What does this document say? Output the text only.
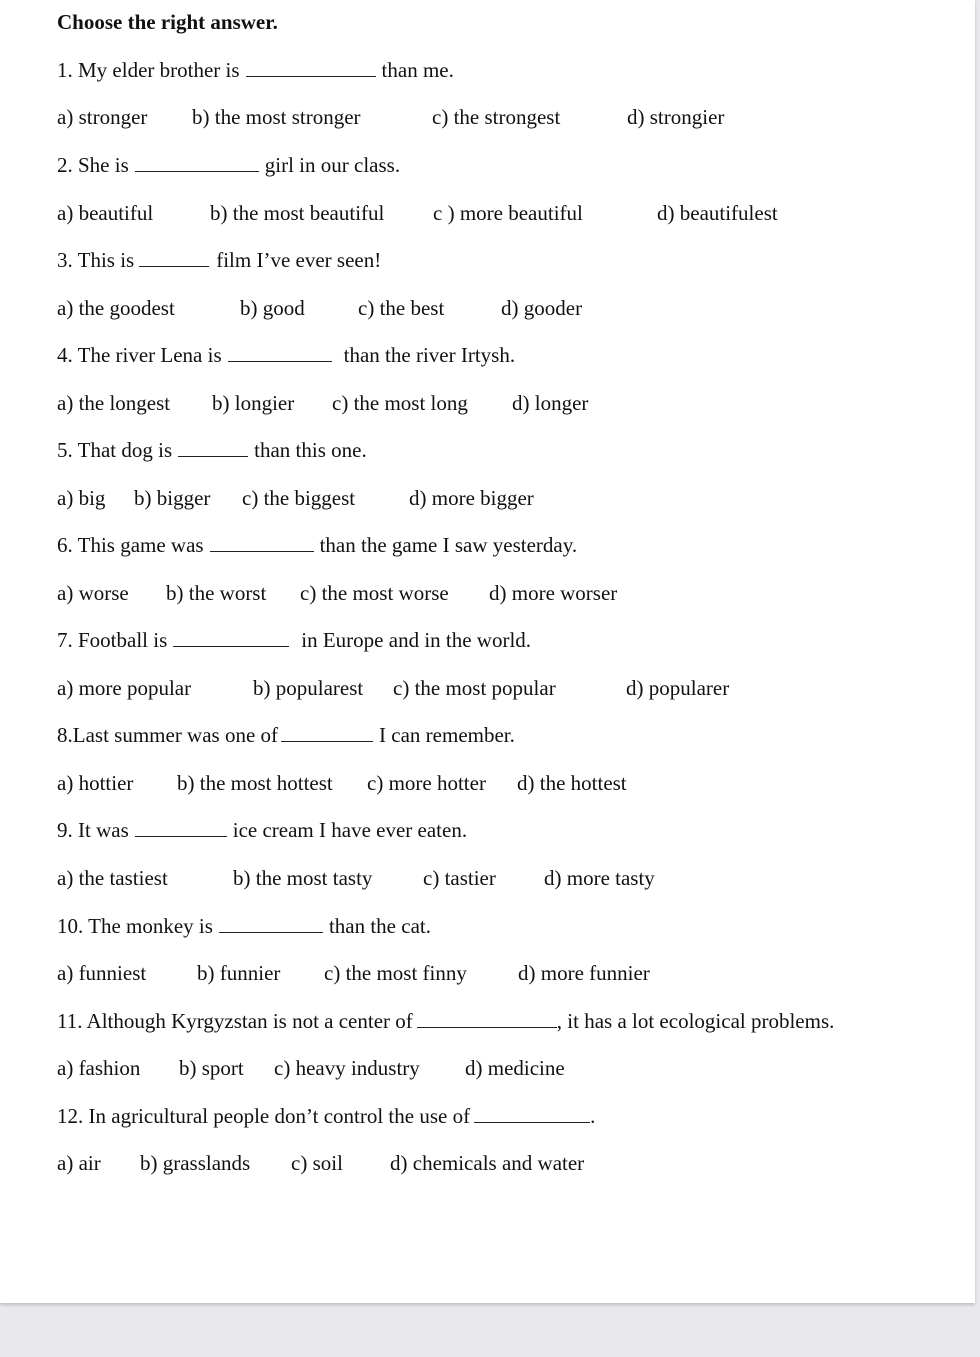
Choose the right answer.
1. My elder brother is	than me.
a) stronger b) the most stronger	c) the strongest	d) strongier
2. She is	girl in our class.
a) beautiful	b) the most beautiful c ) more beautiful	d) beautifulest
3. This is	film I’ve ever seen!
a) the goodest	b) good	c) the best	d) gooder
4. The river Lena is	than the river Irtysh.
a) the longest b) longier c) the most long d) longer
5. That dog is	than this one.
a) big b) bigger c) the biggest	d) more bigger
6. This game was	than the game I saw yesterday.
a) worse b) the worst c) the most worse d) more worser
7. Football is	in Europe and in the world.
a) more popular	b) popularest c) the most popular	d) popularer
8.Last summer was one of	I can remember.
a) hottier b) the most hottest c) more hotter d) the hottest
9. It was	ice cream I have ever eaten.
a) the tastiest	b) the most tasty c) tastier d) more tasty
10. The monkey is	than the cat.
a) funniest b) funnier c) the most finny d) more funnier
11. Although Kyrgyzstan is not a center of	, it has a lot ecological problems.
a) fashion b) sport c) heavy industry d) medicine
12. In agricultural people don’t control the use of	.
a) air b) grasslands c) soil d) chemicals and water
